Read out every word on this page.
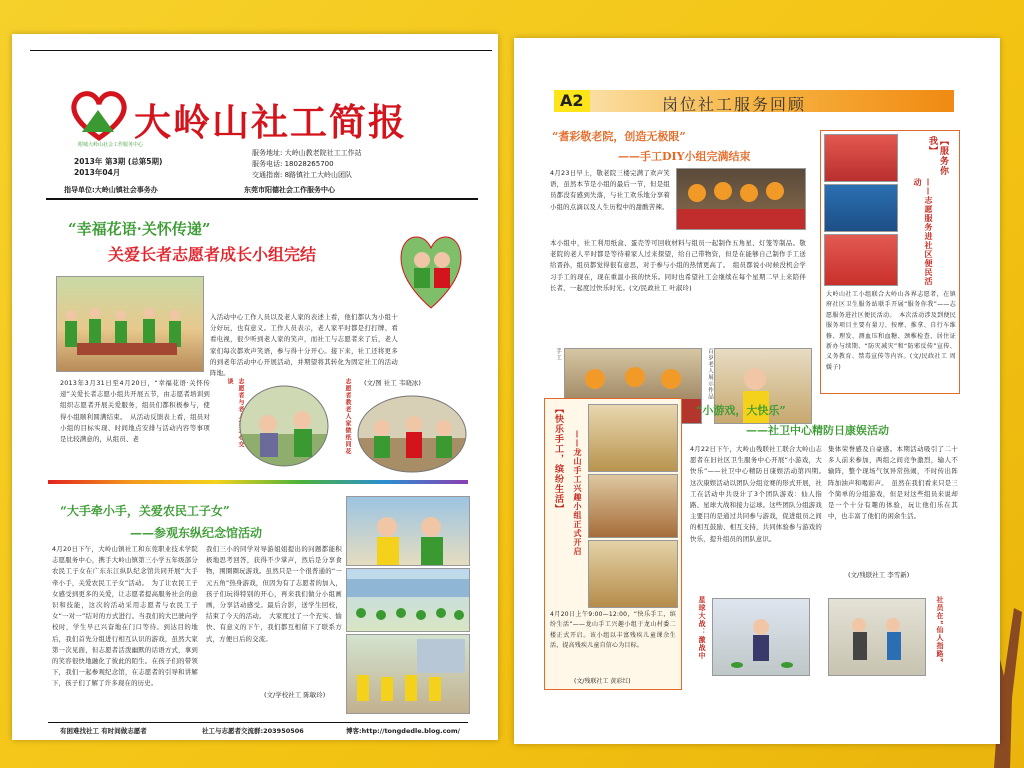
附城大岭山社会工作服务中心
大岭山社工简报
2013年 第3期 (总第5期)
2013年04月
服务地址: 大岭山教老院社工工作站
服务电话: 18028265700
交通指南: 8路镇社工大岭山团队
指导单位:大岭山镇社会事务办	东莞市阳德社会工作服务中心
“幸福花语·关怀传递”
关爱长者志愿者成长小组完结
入活动中心工作人员以及老人家的表述上看，他们都认为小组十分好玩，也有意义。工作人员表示，老人家平时都是打打牌、看看电视，很少听到老人家的笑声，而社工与志愿者来了后，老人家们每次都欢声笑语，参与得十分开心。接下来，社工还将更多的到老年活动中心开展活动，并期望将其转化为固定社工的活动阵地。
(文/图 社工 韦晓冰)
2013年3月31日至4月20日，“幸福花语·关怀传递”关爱长者志愿小组共开展五节，由志愿者培训到组织志愿者开展关爱服务，组员们都积极参与，使得小组顺利圆满结束。　从活动反馈表上看，组员对小组的目标实现、时间地点安排与活动内容等事项是比较满意的，从组员、老	志愿者与老人家开心交谈	志愿者教老人家做纸同花
“大手牵小手，关爱农民工子女”
——参观东纵纪念馆活动
4月20日下午，大岭山镇社工和东莞职业技术学院志愿服务中心，携手大岭山镇第三小学五年级部分农民工子女在广东东江纵队纪念馆共同开展“大手牵小手，关爱农民工子女”活动。　为了让农民工子女感受到更多的关爱，让志愿者提高服务社会的意识和技能，这次的活动采用志愿者与农民工子女“一对一”结对的方式进行。当我们的大巴驶向学校时，学生早已兴奋地在门口等待。到达目的地后，我们首先分组进行相互认识的游戏，虽然大家第一次见面，但志愿者活泼幽默的话语方式，拿到的笑容很快地融化了彼此的陌生。在孩子们的带领下，我们一起参观纪念馆，在志愿者的引导和讲解下，孩子们了解了许多现在的历史。
我们三小的同学对导游姐姐提出的问题都能积极地思考回答，获得不少掌声，然后是分享食物，围圈圈玩游戏。虽然只是一个很普通的“一元五角”热身游戏，但因为有了志愿者的加入，孩子们玩得特别的开心，再来我们做分小组画画，分享活动感受。最后合影，送学生回校，结束了今天的活动。　大家度过了一个充实、愉快、有意义的下午，我们都互相留下了联系方式，方便日后的交流。
(文/学校社工 陈敏玲)
有困难找社工 有时间做志愿者	社工与志愿者交流群:203950506	博客:http://tongdedle.blog.com/
A2	岗位社工服务回顾
“耆彩敬老院，创造无极限”
——手工DIY小组完满结束
4月23日早上，敬老院三楼完满了欢声笑语，虽然本节是小组的最后一节，但是组员都没有感到失落，与社工欢乐地分享着小组的点滴以及人生历程中的甜酸苦辣。
本小组中，社工利用纸盒、蛋壳等可回收材料与组员一起制作五角星、灯笼等制品。敬老院的老人平时都是等待着家人过来探望，给自己带物资，但是在能够自己制作手工送给晋孙，组员都觉得很有意思，对于参与小组的热情更高了。　组员都说小时候没机会学习手工的现在，现在重温小孩的快乐。同时也希望社工会继续在每个星期二早上来陪伴长者，一起度过快乐时光。(文/民政社工 叶淑玲)
手工	百岁老人展示作品
【服务你我】
——志愿服务进社区便民活动
大岭山社工小组联合大岭山各界志愿者，在镇府社区卫生服务站联手开展“服务你我”——志愿服务进社区便民活动。　本次活动涉及到便民服务项目主要有量刀、按摩、推拿、自行车维修、理发、测血压和血糖、颈椎检查、居住证新办与续期、“防灾减灾”和“防邪反传”宣传、义务教育、禁毒宣传等内容。(文/民政社工 周媛子)
【快乐手工，缤纷生活】 ——龙山手工兴趣小组正式开启
4月20日上午9:00—12:00，“快乐手工，缤纷生活”——龙山手工兴趣小组于龙山村委二楼正式开启。该小组以丰富残疾儿童课余生活，提高残疾儿童自信心为目标。
(文/残联社工 黄彩红)
“小游戏，大快乐”
——社卫中心精防日康娱活动
4月22日下午，大岭山残联社工联合大岭山志愿者在旧社区卫生服务中心开展“小游戏，大快乐”——社卫中心精防日康娱活动第四期。　这次康娱活动以团队分组竞赛的形式开展，社工在活动中共设计了3个团队游戏：仙人指路、星球大战和接力运球。这些团队分组游戏主要目的是通过共同参与游戏，促进组员之间的相互鼓励、相互支持，共同体验参与游戏的快乐，提升组员的团队意识。
集体荣誉感及自豪感。本期活动吸引了二十多人前来参加，两组之间竞争激烈，输人不输阵，整个现场气氛异常热闹，不时传出阵阵加油声和喝彩声。　虽然在我们看来只是三个简单的分组游戏，但是对这些组员来说却是一个十分有趣的体验，玩让他们乐在其中，也丰富了他们的闲余生活。
(文/残联社工 李雪新)
星球大战：激战中	社员在“仙人指路”
